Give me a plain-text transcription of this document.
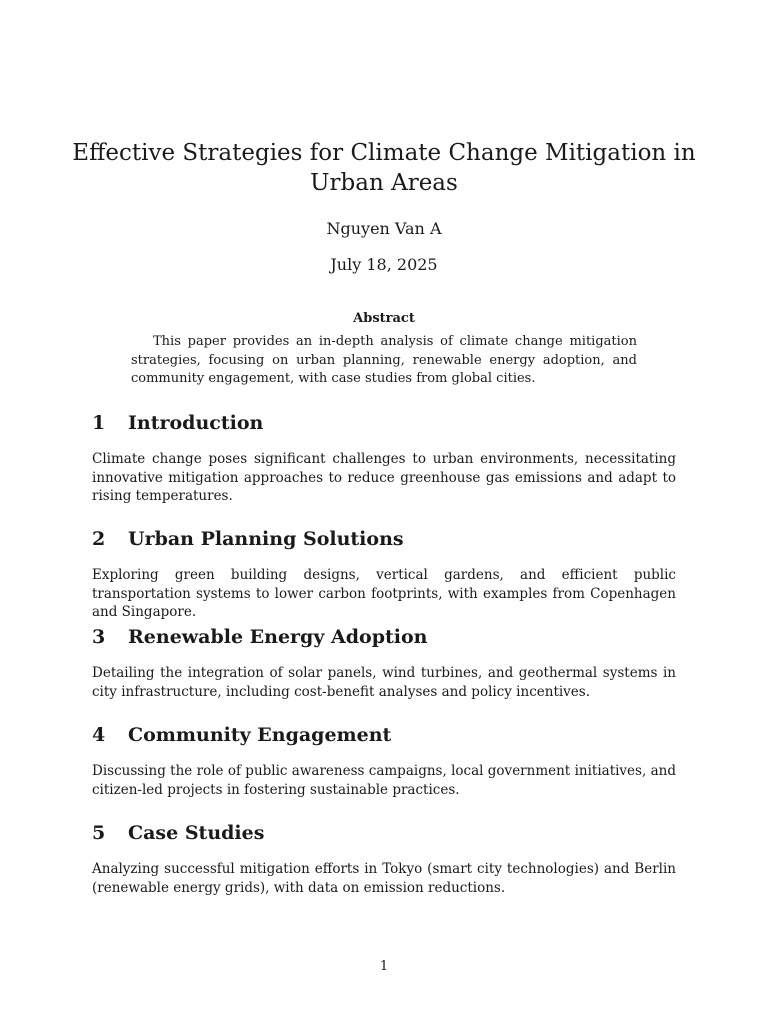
Effective Strategies for Climate Change Mitigation in Urban Areas
Nguyen Van A
July 18, 2025
Abstract

This paper provides an in-depth analysis of climate change mitigation strategies, focusing on urban planning, renewable energy adoption, and community engagement, with case studies from global cities.

1 Introduction

Climate change poses significant challenges to urban environments, necessitating innovative mitigation approaches to reduce greenhouse gas emissions and adapt to rising temperatures.

2 Urban Planning Solutions

Exploring green building designs, vertical gardens, and efficient public transportation systems to lower carbon footprints, with examples from Copenhagen and Singapore.

3 Renewable Energy Adoption

Detailing the integration of solar panels, wind turbines, and geothermal systems in city infrastructure, including cost-benefit analyses and policy incentives.

4 Community Engagement

Discussing the role of public awareness campaigns, local government initiatives, and citizen-led projects in fostering sustainable practices.

5 Case Studies

Analyzing successful mitigation efforts in Tokyo (smart city technologies) and Berlin (renewable energy grids), with data on emission reductions.

1
